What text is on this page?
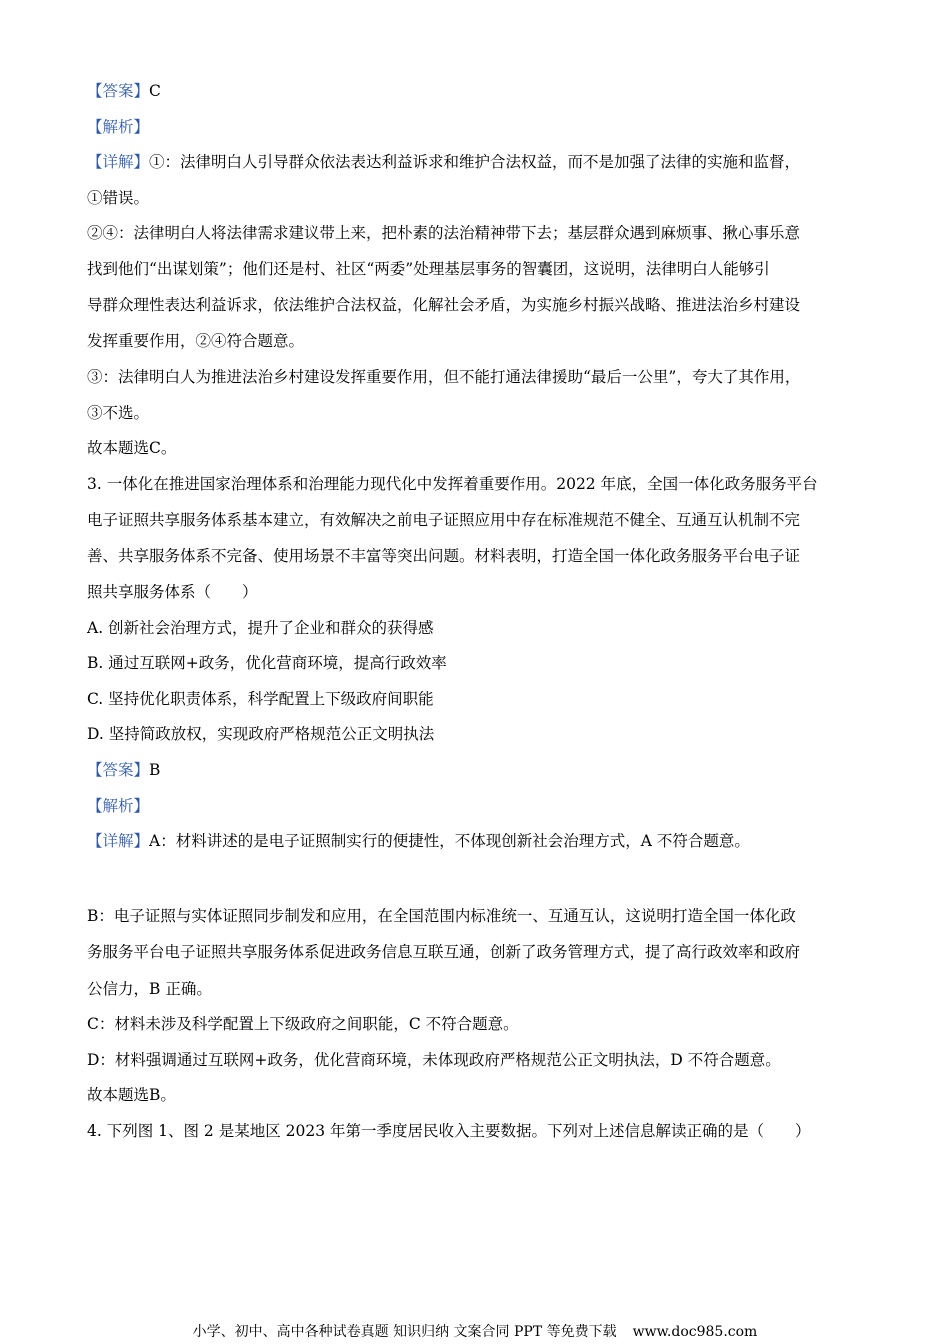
【答案】C
【解析】
【详解】①：法律明白人引导群众依法表达利益诉求和维护合法权益，而不是加强了法律的实施和监督，
①错误。
②④：法律明白人将法律需求建议带上来，把朴素的法治精神带下去；基层群众遇到麻烦事、揪心事乐意
找到他们“出谋划策”；他们还是村、社区“两委”处理基层事务的智囊团，这说明，法律明白人能够引
导群众理性表达利益诉求，依法维护合法权益，化解社会矛盾，为实施乡村振兴战略、推进法治乡村建设
发挥重要作用，②④符合题意。
③：法律明白人为推进法治乡村建设发挥重要作用，但不能打通法律援助“最后一公里”，夸大了其作用，
③不选。
故本题选C。
3. 一体化在推进国家治理体系和治理能力现代化中发挥着重要作用。2022 年底，全国一体化政务服务平台
电子证照共享服务体系基本建立，有效解决之前电子证照应用中存在标准规范不健全、互通互认机制不完
善、共享服务体系不完备、使用场景不丰富等突出问题。材料表明，打造全国一体化政务服务平台电子证
照共享服务体系（　　）
A. 创新社会治理方式，提升了企业和群众的获得感
B. 通过互联网+政务，优化营商环境，提高行政效率
C. 坚持优化职责体系，科学配置上下级政府间职能
D. 坚持简政放权，实现政府严格规范公正文明执法
【答案】B
【解析】
【详解】A：材料讲述的是电子证照制实行的便捷性，不体现创新社会治理方式，A 不符合题意。
B：电子证照与实体证照同步制发和应用，在全国范围内标准统一、互通互认，这说明打造全国一体化政
务服务平台电子证照共享服务体系促进政务信息互联互通，创新了政务管理方式，提了高行政效率和政府
公信力，B 正确。
C：材料未涉及科学配置上下级政府之间职能，C 不符合题意。
D：材料强调通过互联网+政务，优化营商环境，未体现政府严格规范公正文明执法，D 不符合题意。
故本题选B。
4. 下列图 1、图 2 是某地区 2023 年第一季度居民收入主要数据。下列对上述信息解读正确的是（　　）
小学、初中、高中各种试卷真题 知识归纳 文案合同 PPT 等免费下载 www.doc985.com
